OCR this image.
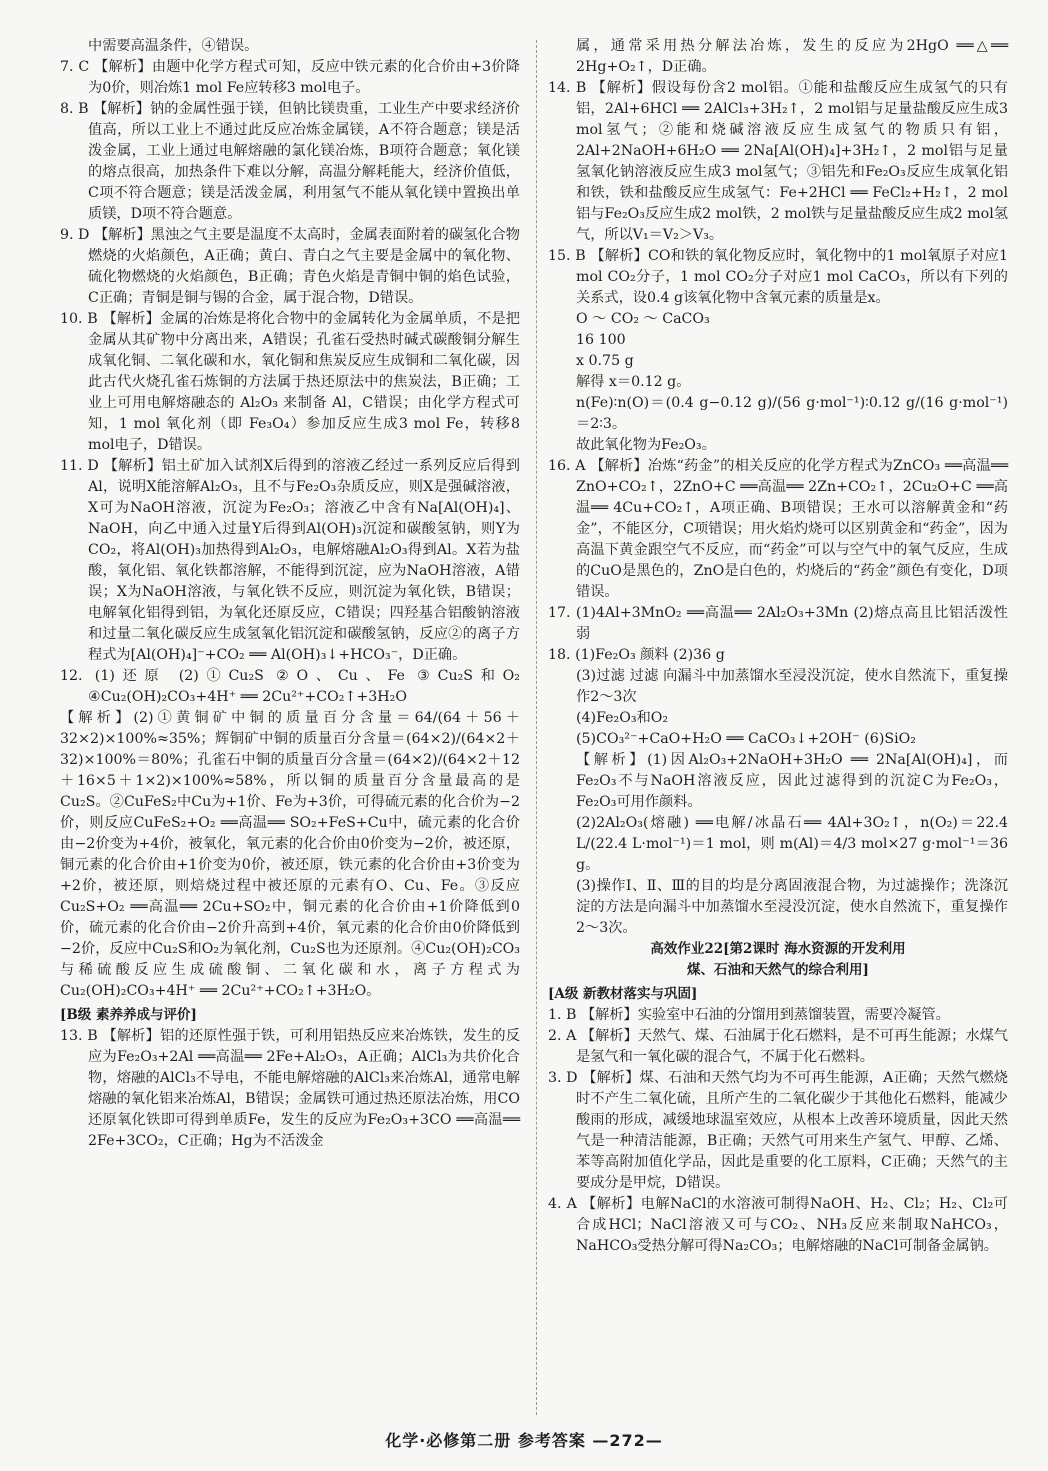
中需要高温条件，④错误。

7. C 【解析】由题中化学方程式可知，反应中铁元素的化合价由+3价降为0价，则冶炼1 mol Fe应转移3 mol电子。

8. B 【解析】钠的金属性强于镁，但钠比镁贵重，工业生产中要求经济价值高，所以工业上不通过此反应冶炼金属镁，A不符合题意；镁是活泼金属，工业上通过电解熔融的氯化镁冶炼，B项符合题意；氧化镁的熔点很高，加热条件下难以分解，高温分解耗能大，经济价值低，C项不符合题意；镁是活泼金属，利用氢气不能从氧化镁中置换出单质镁，D项不符合题意。

9. D 【解析】黑浊之气主要是温度不太高时，金属表面附着的碳氢化合物燃烧的火焰颜色，A正确；黄白、青白之气主要是金属中的氧化物、硫化物燃烧的火焰颜色，B正确；青色火焰是青铜中铜的焰色试验，C正确；青铜是铜与锡的合金，属于混合物，D错误。

10. B 【解析】金属的冶炼是将化合物中的金属转化为金属单质，不是把金属从其矿物中分离出来，A错误；孔雀石受热时碱式碳酸铜分解生成氧化铜、二氧化碳和水，氧化铜和焦炭反应生成铜和二氧化碳，因此古代火烧孔雀石炼铜的方法属于热还原法中的焦炭法，B正确；工业上可用电解熔融态的 Al₂O₃ 来制备 Al，C错误；由化学方程式可知，1 mol 氧化剂（即 Fe₃O₄）参加反应生成3 mol Fe，转移8 mol电子，D错误。

11. D 【解析】铝土矿加入试剂X后得到的溶液乙经过一系列反应后得到Al，说明X能溶解Al₂O₃，且不与Fe₂O₃杂质反应，则X是强碱溶液，X可为NaOH溶液，沉淀为Fe₂O₃；溶液乙中含有Na[Al(OH)₄]、NaOH，向乙中通入过量Y后得到Al(OH)₃沉淀和碳酸氢钠，则Y为CO₂，将Al(OH)₃加热得到Al₂O₃，电解熔融Al₂O₃得到Al。X若为盐酸，氧化铝、氧化铁都溶解，不能得到沉淀，应为NaOH溶液，A错误；X为NaOH溶液，与氧化铁不反应，则沉淀为氧化铁，B错误；电解氧化铝得到铝，为氧化还原反应，C错误；四羟基合铝酸钠溶液和过量二氧化碳反应生成氢氧化铝沉淀和碳酸氢钠，反应②的离子方程式为[Al(OH)₄]⁻+CO₂ ══ Al(OH)₃↓+HCO₃⁻，D正确。

12. (1)还原 (2)①Cu₂S ②O、Cu、Fe ③Cu₂S和O₂ ④Cu₂(OH)₂CO₃+4H⁺ ══ 2Cu²⁺+CO₂↑+3H₂O

【解析】(2)①黄铜矿中铜的质量百分含量＝64/(64＋56＋32×2)×100%≈35%；辉铜矿中铜的质量百分含量＝(64×2)/(64×2＋32)×100%＝80%；孔雀石中铜的质量百分含量＝(64×2)/(64×2＋12＋16×5＋1×2)×100%≈58%，所以铜的质量百分含量最高的是Cu₂S。②CuFeS₂中Cu为+1价、Fe为+3价，可得硫元素的化合价为−2价，则反应CuFeS₂+O₂ ══高温══ SO₂+FeS+Cu中，硫元素的化合价由−2价变为+4价，被氧化，氧元素的化合价由0价变为−2价，被还原，铜元素的化合价由+1价变为0价，被还原，铁元素的化合价由+3价变为+2价，被还原，则焙烧过程中被还原的元素有O、Cu、Fe。③反应Cu₂S+O₂ ══高温══ 2Cu+SO₂中，铜元素的化合价由+1价降低到0价，硫元素的化合价由−2价升高到+4价，氧元素的化合价由0价降低到−2价，反应中Cu₂S和O₂为氧化剂，Cu₂S也为还原剂。④Cu₂(OH)₂CO₃与稀硫酸反应生成硫酸铜、二氧化碳和水，离子方程式为Cu₂(OH)₂CO₃+4H⁺ ══ 2Cu²⁺+CO₂↑+3H₂O。

[B级 素养养成与评价]

13. B 【解析】铝的还原性强于铁，可利用铝热反应来冶炼铁，发生的反应为Fe₂O₃+2Al ══高温══ 2Fe+Al₂O₃，A正确；AlCl₃为共价化合物，熔融的AlCl₃不导电，不能电解熔融的AlCl₃来冶炼Al，通常电解熔融的氧化铝来冶炼Al，B错误；金属铁可通过热还原法冶炼，用CO还原氧化铁即可得到单质Fe，发生的反应为Fe₂O₃+3CO ══高温══ 2Fe+3CO₂，C正确；Hg为不活泼金

属，通常采用热分解法冶炼，发生的反应为2HgO ══△══ 2Hg+O₂↑，D正确。

14. B 【解析】假设每份含2 mol铝。①能和盐酸反应生成氢气的只有铝，2Al+6HCl ══ 2AlCl₃+3H₂↑，2 mol铝与足量盐酸反应生成3 mol氢气；②能和烧碱溶液反应生成氢气的物质只有铝，2Al+2NaOH+6H₂O ══ 2Na[Al(OH)₄]+3H₂↑，2 mol铝与足量氢氧化钠溶液反应生成3 mol氢气；③铝先和Fe₂O₃反应生成氧化铝和铁，铁和盐酸反应生成氢气：Fe+2HCl ══ FeCl₂+H₂↑，2 mol铝与Fe₂O₃反应生成2 mol铁，2 mol铁与足量盐酸反应生成2 mol氢气，所以V₁＝V₂＞V₃。

15. B 【解析】CO和铁的氧化物反应时，氧化物中的1 mol氧原子对应1 mol CO₂分子，1 mol CO₂分子对应1 mol CaCO₃，所以有下列的关系式，设0.4 g该氧化物中含氧元素的质量是x。

O ～ CO₂ ～ CaCO₃

16 100

x 0.75 g

解得 x＝0.12 g。

n(Fe)∶n(O)＝(0.4 g−0.12 g)/(56 g·mol⁻¹)∶0.12 g/(16 g·mol⁻¹)＝2∶3。

故此氧化物为Fe₂O₃。

16. A 【解析】冶炼“药金”的相关反应的化学方程式为ZnCO₃ ══高温══ ZnO+CO₂↑，2ZnO+C ══高温══ 2Zn+CO₂↑，2Cu₂O+C ══高温══ 4Cu+CO₂↑，A项正确、B项错误；王水可以溶解黄金和“药金”，不能区分，C项错误；用火焰灼烧可以区别黄金和“药金”，因为高温下黄金跟空气不反应，而“药金”可以与空气中的氧气反应，生成的CuO是黑色的，ZnO是白色的，灼烧后的“药金”颜色有变化，D项错误。

17. (1)4Al+3MnO₂ ══高温══ 2Al₂O₃+3Mn (2)熔点高且比铝活泼性弱

18. (1)Fe₂O₃ 颜料 (2)36 g

(3)过滤 过滤 向漏斗中加蒸馏水至浸没沉淀，使水自然流下，重复操作2～3次

(4)Fe₂O₃和O₂

(5)CO₃²⁻+CaO+H₂O ══ CaCO₃↓+2OH⁻ (6)SiO₂

【解析】(1)因Al₂O₃+2NaOH+3H₂O ══ 2Na[Al(OH)₄]，而Fe₂O₃不与NaOH溶液反应，因此过滤得到的沉淀C为Fe₂O₃，Fe₂O₃可用作颜料。

(2)2Al₂O₃(熔融) ══电解/冰晶石══ 4Al+3O₂↑，n(O₂)＝22.4 L/(22.4 L·mol⁻¹)＝1 mol，则 m(Al)＝4/3 mol×27 g·mol⁻¹＝36 g。

(3)操作Ⅰ、Ⅱ、Ⅲ的目的均是分离固液混合物，为过滤操作；洗涤沉淀的方法是向漏斗中加蒸馏水至浸没沉淀，使水自然流下，重复操作2～3次。

高效作业22[第2课时 海水资源的开发利用

煤、石油和天然气的综合利用]

[A级 新教材落实与巩固]

1. B 【解析】实验室中石油的分馏用到蒸馏装置，需要冷凝管。

2. A 【解析】天然气、煤、石油属于化石燃料，是不可再生能源；水煤气是氢气和一氧化碳的混合气，不属于化石燃料。

3. D 【解析】煤、石油和天然气均为不可再生能源，A正确；天然气燃烧时不产生二氧化硫，且所产生的二氧化碳少于其他化石燃料，能减少酸雨的形成，减缓地球温室效应，从根本上改善环境质量，因此天然气是一种清洁能源，B正确；天然气可用来生产氢气、甲醇、乙烯、苯等高附加值化学品，因此是重要的化工原料，C正确；天然气的主要成分是甲烷，D错误。

4. A 【解析】电解NaCl的水溶液可制得NaOH、H₂、Cl₂；H₂、Cl₂可合成HCl；NaCl溶液又可与CO₂、NH₃反应来制取NaHCO₃，NaHCO₃受热分解可得Na₂CO₃；电解熔融的NaCl可制备金属钠。

化学·必修第二册 参考答案 —272—
